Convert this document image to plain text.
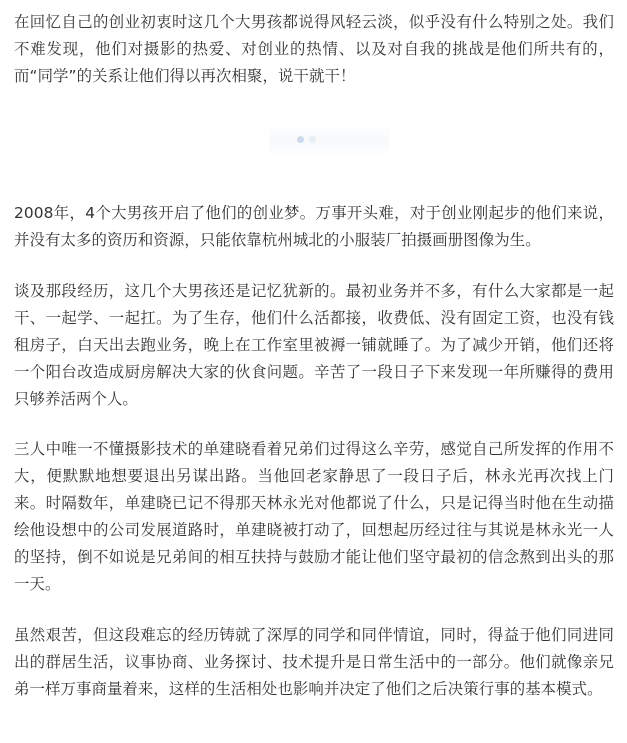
在回忆自己的创业初衷时这几个大男孩都说得风轻云淡，似乎没有什么特别之处。我们不难发现，他们对摄影的热爱、对创业的热情、以及对自我的挑战是他们所共有的，而“同学”的关系让他们得以再次相聚，说干就干！

2008年，4个大男孩开启了他们的创业梦。万事开头难，对于创业刚起步的他们来说，并没有太多的资历和资源，只能依靠杭州城北的小服装厂拍摄画册图像为生。

谈及那段经历，这几个大男孩还是记忆犹新的。最初业务并不多，有什么大家都是一起干、一起学、一起扛。为了生存，他们什么活都接，收费低、没有固定工资，也没有钱租房子，白天出去跑业务，晚上在工作室里被褥一铺就睡了。为了减少开销，他们还将一个阳台改造成厨房解决大家的伙食问题。辛苦了一段日子下来发现一年所赚得的费用只够养活两个人。

三人中唯一不懂摄影技术的单建晓看着兄弟们过得这么辛劳，感觉自己所发挥的作用不大，便默默地想要退出另谋出路。当他回老家静思了一段日子后，林永光再次找上门来。时隔数年，单建晓已记不得那天林永光对他都说了什么，只是记得当时他在生动描绘他设想中的公司发展道路时，单建晓被打动了，回想起历经过往与其说是林永光一人的坚持，倒不如说是兄弟间的相互扶持与鼓励才能让他们坚守最初的信念熬到出头的那一天。

虽然艰苦，但这段难忘的经历铸就了深厚的同学和同伴情谊，同时，得益于他们同进同出的群居生活，议事协商、业务探讨、技术提升是日常生活中的一部分。他们就像亲兄弟一样万事商量着来，这样的生活相处也影响并决定了他们之后决策行事的基本模式。
